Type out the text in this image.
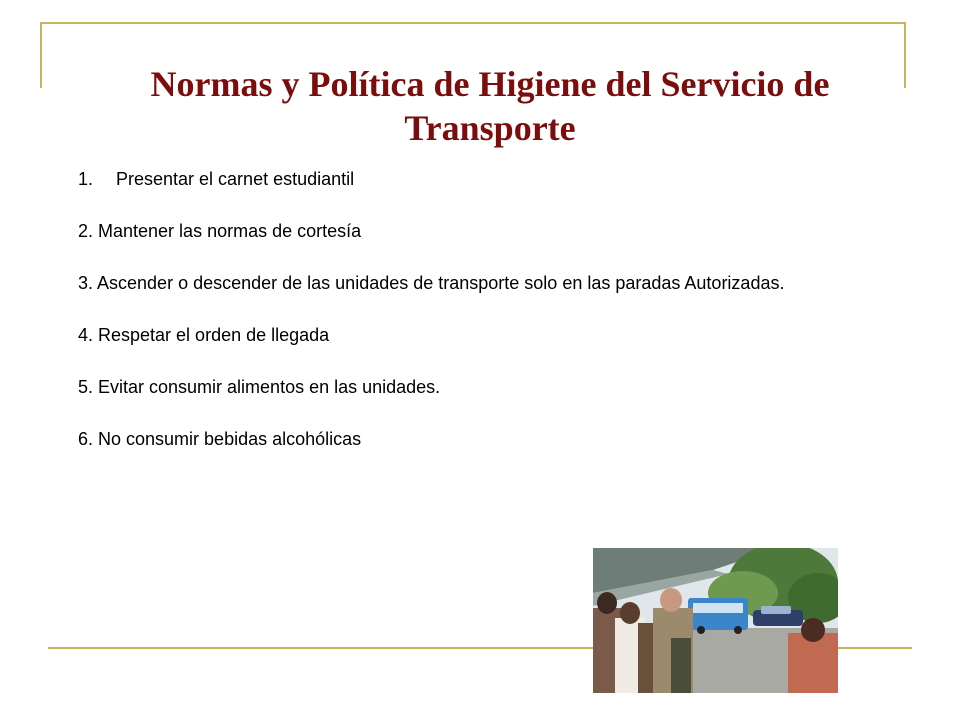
Normas y Política de Higiene del Servicio de
Transporte
1. Presentar el carnet estudiantil
2. Mantener las normas de cortesía
3. Ascender o descender de las unidades de transporte solo en las paradas Autorizadas.
4. Respetar el orden de llegada
5. Evitar consumir alimentos en las unidades.
6. No consumir bebidas alcohólicas
